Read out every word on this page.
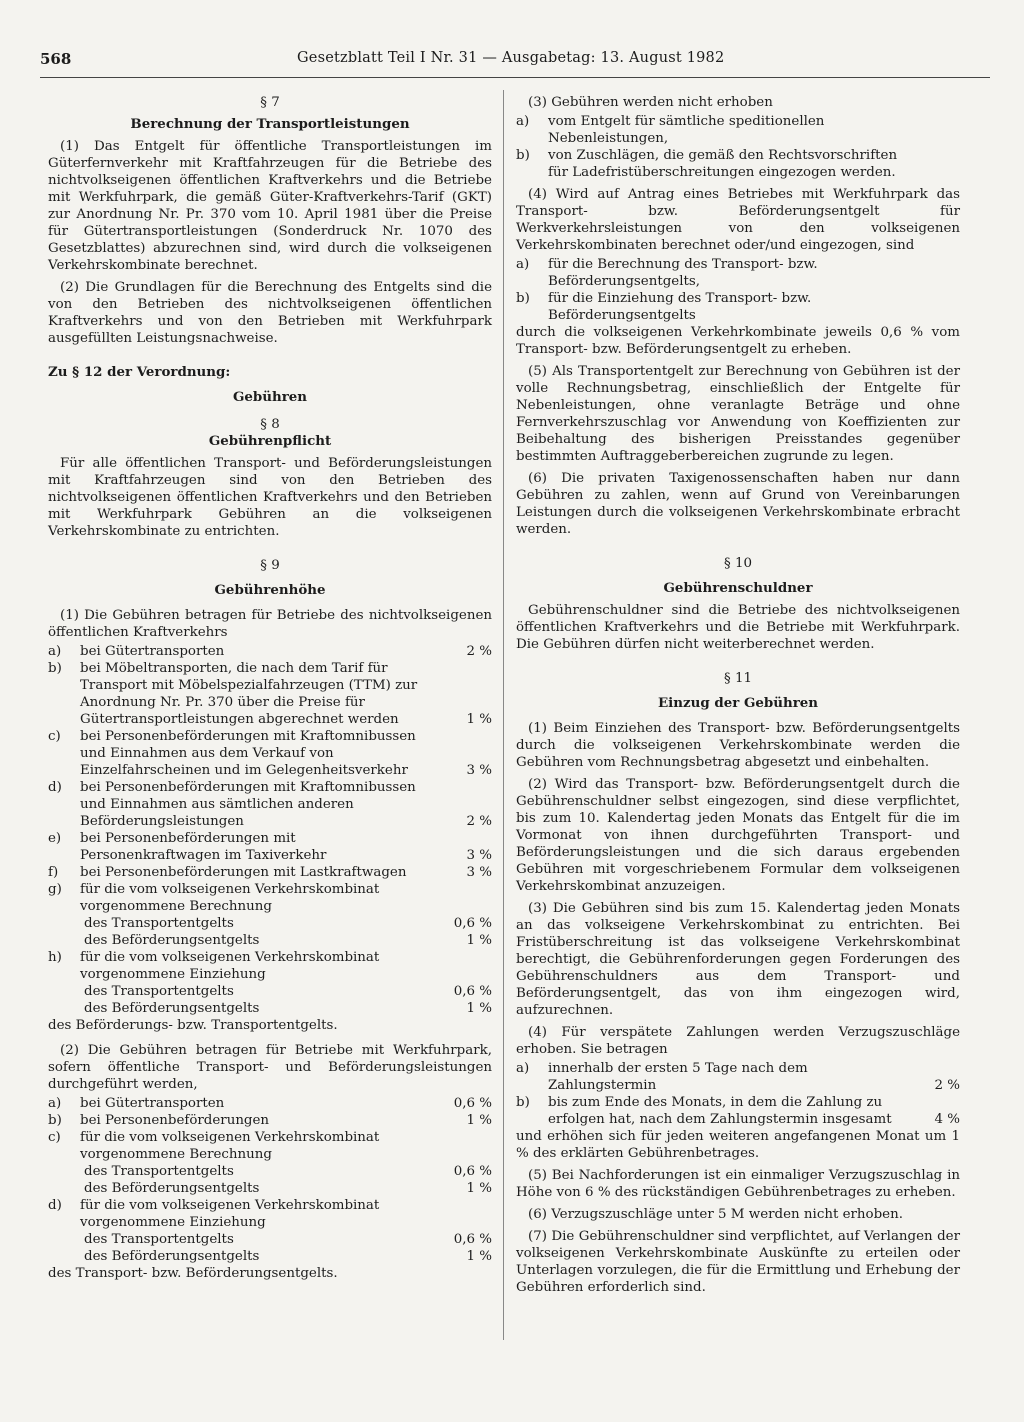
568	Gesetzblatt Teil I Nr. 31 — Ausgabetag: 13. August 1982

§ 7

Berechnung der Transportleistungen

(1) Das Entgelt für öffentliche Transportleistungen im Güterfernverkehr mit Kraftfahrzeugen für die Betriebe des nichtvolkseigenen öffentlichen Kraftverkehrs und die Betriebe mit Werkfuhrpark, die gemäß Güter-Kraftverkehrs-Tarif (GKT) zur Anordnung Nr. Pr. 370 vom 10. April 1981 über die Preise für Gütertransportleistungen (Sonderdruck Nr. 1070 des Gesetzblattes) abzurechnen sind, wird durch die volkseigenen Verkehrskombinate berechnet.

(2) Die Grundlagen für die Berechnung des Entgelts sind die von den Betrieben des nichtvolkseigenen öffentlichen Kraftverkehrs und von den Betrieben mit Werkfuhrpark ausgefüllten Leistungsnachweise.

Zu § 12 der Verordnung:

Gebühren

§ 8

Gebührenpflicht

Für alle öffentlichen Transport- und Beförderungsleistungen mit Kraftfahrzeugen sind von den Betrieben des nichtvolkseigenen öffentlichen Kraftverkehrs und den Betrieben mit Werkfuhrpark Gebühren an die volkseigenen Verkehrskombinate zu entrichten.

§ 9

Gebührenhöhe

(1) Die Gebühren betragen für Betriebe des nichtvolkseigenen öffentlichen Kraftverkehrs

a) bei Gütertransporten	2 %
b) bei Möbeltransporten, die nach dem Tarif für Transport mit Möbelspezialfahrzeugen (TTM) zur Anordnung Nr. Pr. 370 über die Preise für Gütertransportleistungen abgerechnet werden	1 %
c) bei Personenbeförderungen mit Kraftomnibussen und Einnahmen aus dem Verkauf von Einzelfahrscheinen und im Gelegenheitsverkehr	3 %
d) bei Personenbeförderungen mit Kraftomnibussen und Einnahmen aus sämtlichen anderen Beförderungsleistungen	2 %
e) bei Personenbeförderungen mit Personenkraftwagen im Taxiverkehr	3 %
f) bei Personenbeförderungen mit Lastkraftwagen	3 %
g) für die vom volkseigenen Verkehrskombinat vorgenommene Berechnung
des Transportentgelts	0,6 %
des Beförderungsentgelts	1 %
h) für die vom volkseigenen Verkehrskombinat vorgenommene Einziehung
des Transportentgelts	0,6 %
des Beförderungsentgelts	1 %

des Beförderungs- bzw. Transportentgelts.

(2) Die Gebühren betragen für Betriebe mit Werkfuhrpark, sofern öffentliche Transport- und Beförderungsleistungen durchgeführt werden,

a) bei Gütertransporten	0,6 %
b) bei Personenbeförderungen	1 %
c) für die vom volkseigenen Verkehrskombinat vorgenommene Berechnung
des Transportentgelts	0,6 %
des Beförderungsentgelts	1 %
d) für die vom volkseigenen Verkehrskombinat vorgenommene Einziehung
des Transportentgelts	0,6 %
des Beförderungsentgelts	1 %

des Transport- bzw. Beförderungsentgelts.

(3) Gebühren werden nicht erhoben

a) vom Entgelt für sämtliche speditionellen Nebenleistungen,
b) von Zuschlägen, die gemäß den Rechtsvorschriften für Ladefristüberschreitungen eingezogen werden.

(4) Wird auf Antrag eines Betriebes mit Werkfuhrpark das Transport- bzw. Beförderungsentgelt für Werkverkehrsleistungen von den volkseigenen Verkehrskombinaten berechnet oder/und eingezogen, sind

a) für die Berechnung des Transport- bzw. Beförderungsentgelts,
b) für die Einziehung des Transport- bzw. Beförderungsentgelts

durch die volkseigenen Verkehrkombinate jeweils 0,6 % vom Transport- bzw. Beförderungsentgelt zu erheben.

(5) Als Transportentgelt zur Berechnung von Gebühren ist der volle Rechnungsbetrag, einschließlich der Entgelte für Nebenleistungen, ohne veranlagte Beträge und ohne Fernverkehrszuschlag vor Anwendung von Koeffizienten zur Beibehaltung des bisherigen Preisstandes gegenüber bestimmten Auftraggeberbereichen zugrunde zu legen.

(6) Die privaten Taxigenossenschaften haben nur dann Gebühren zu zahlen, wenn auf Grund von Vereinbarungen Leistungen durch die volkseigenen Verkehrskombinate erbracht werden.

§ 10

Gebührenschuldner

Gebührenschuldner sind die Betriebe des nichtvolkseigenen öffentlichen Kraftverkehrs und die Betriebe mit Werkfuhrpark. Die Gebühren dürfen nicht weiterberechnet werden.

§ 11

Einzug der Gebühren

(1) Beim Einziehen des Transport- bzw. Beförderungsentgelts durch die volkseigenen Verkehrskombinate werden die Gebühren vom Rechnungsbetrag abgesetzt und einbehalten.

(2) Wird das Transport- bzw. Beförderungsentgelt durch die Gebührenschuldner selbst eingezogen, sind diese verpflichtet, bis zum 10. Kalendertag jeden Monats das Entgelt für die im Vormonat von ihnen durchgeführten Transport- und Beförderungsleistungen und die sich daraus ergebenden Gebühren mit vorgeschriebenem Formular dem volkseigenen Verkehrskombinat anzuzeigen.

(3) Die Gebühren sind bis zum 15. Kalendertag jeden Monats an das volkseigene Verkehrskombinat zu entrichten. Bei Fristüberschreitung ist das volkseigene Verkehrskombinat berechtigt, die Gebührenforderungen gegen Forderungen des Gebührenschuldners aus dem Transport- und Beförderungsentgelt, das von ihm eingezogen wird, aufzurechnen.

(4) Für verspätete Zahlungen werden Verzugszuschläge erhoben. Sie betragen

a) innerhalb der ersten 5 Tage nach dem Zahlungstermin	2 %
b) bis zum Ende des Monats, in dem die Zahlung zu erfolgen hat, nach dem Zahlungstermin insgesamt	4 %

und erhöhen sich für jeden weiteren angefangenen Monat um 1 % des erklärten Gebührenbetrages.

(5) Bei Nachforderungen ist ein einmaliger Verzugszuschlag in Höhe von 6 % des rückständigen Gebührenbetrages zu erheben.

(6) Verzugszuschläge unter 5 M werden nicht erhoben.

(7) Die Gebührenschuldner sind verpflichtet, auf Verlangen der volkseigenen Verkehrskombinate Auskünfte zu erteilen oder Unterlagen vorzulegen, die für die Ermittlung und Erhebung der Gebühren erforderlich sind.
